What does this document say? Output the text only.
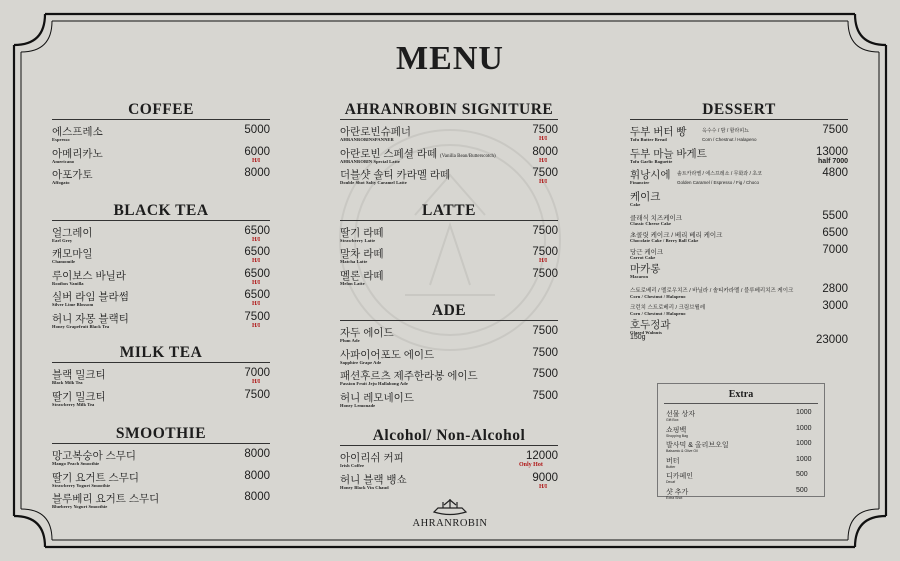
MENU
COFFEE
에스프레소
Espresso
5000
아메리카노
Americano
6000
H/I
아포가토
Affogato
8000
BLACK TEA
얼그레이
Earl Grey
6500
H/I
캐모마일
Chamomile
6500
H/I
루이보스 바닐라
Rooibos Vanilla
6500
H/I
실버 라임 블라썸
Silver Lime Blossom
6500
H/I
허니 자몽 블랙티
Honey Grapefruit Black Tea
7500
H/I
MILK TEA
블랙 밀크티
Black Milk Tea
7000
H/I
딸기 밀크티
Strawberry Milk Tea
7500
SMOOTHIE
망고복숭아 스무디
Mango Peach Smoothie
8000
딸기 요거트 스무디
Strawberry Yogurt Smoothie
8000
블루베리 요거트 스무디
Blueberry Yogurt Smoothie
8000
AHRANROBIN SIGNITURE
아란로빈슈페너
AHRANROBINSPANNER
7500
H/I
아란로빈 스페셜 라떼 (Vanilla Bean/Butterscotch)
AHRANROBIN Special Latte
8000
H/I
더블샷 솔티 카라멜 라떼
Double Shot Salty Caramel Latte
7500
H/I
LATTE
딸기 라떼
Strawberry Latte
7500
말차 라떼
Matcha Latte
7500
H/I
멜론 라떼
Melon Latte
7500
ADE
자두 에이드
Plum Ade
7500
사파이어포도 에이드
Sapphire Grape Ade
7500
패션후르츠 제주한라봉 에이드
Passion Fruit Jeju Hallabong Ade
7500
허니 레모네이드
Honey Lemonade
7500
Alcohol/ Non-Alcohol
아이리쉬 커피
Irish Coffee
12000
Only Hot
허니 블랙 뱅쇼
Honey Black Vin Chaud
9000
H/I
DESSERT
두부 버터 빵	옥수수 / 밤 / 할라피뇨
Tofu Butter Bread	Corn / Chestnut / Halapeno
7500
두부 마늘 바게트
Tofu Garlic Baguette
13000
half 7000
휘낭시에 솔트카라멜 / 에스프레소 / 무화과 / 초코
Financier	Golden Caramel / Espresso / Fig / Choco
4800
케이크
Cake
클래식 치즈케이크
Classic Cheese Cake
5500
초콜릿 케이크 / 베리 베리 케이크
Chocolate Cake / Berry Ball Cake
6500
당근 케이크
Carrot Cake
7000
마카롱
Macaron
스토로베리 / 멜로우치즈 / 바닐라 / 솔티카라멜 / 블루베리치즈 케이크
Corn / Chestnut / Halapeno
2800
크런치 스트로베리 / 크림브륄레
Corn / Chestnut / Halapeno
3000
호두정과
Glazed Walnuts
150g	23000
Extra
선물 상자
Gift Box
1000
쇼핑백
Shopping Bag
1000
발사믹 & 올리브오일
Balsamic & Olive Oil
1000
버터
Butter
1000
디카페인
Decaf
500
샷 추가
Extra Shot
500
AHRANROBIN
